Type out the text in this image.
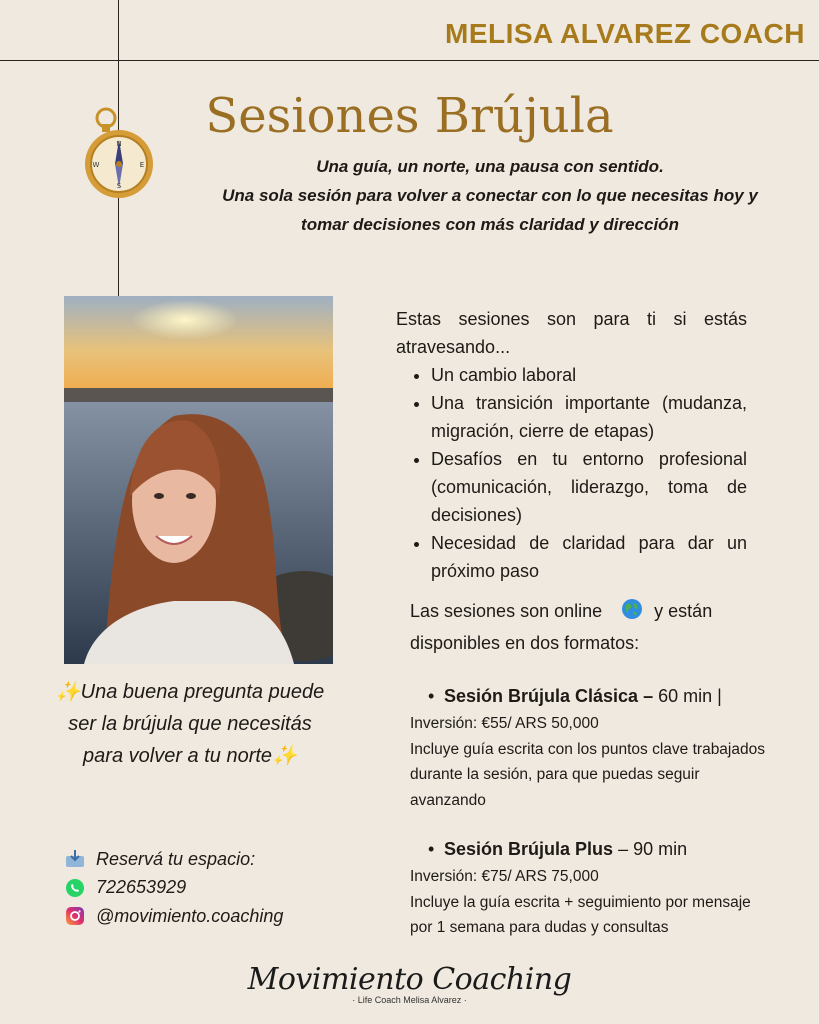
MELISA ALVAREZ COACH
N
S
W	E
Sesiones Brújula
Una guía, un norte, una pausa con sentido.
Una sola sesión para volver a conectar con lo que necesitas hoy y
tomar decisiones con más claridad y dirección
✨Una buena pregunta puede
ser la brújula que necesitás
para volver a tu norte✨
Reservá tu espacio:
722653929
@movimiento.coaching

Estas sesiones son para ti si estás atravesando...

• Un cambio laboral
• Una transición importante (mudanza, migración, cierre de etapas)
• Desafíos en tu entorno profesional (comunicación, liderazgo, toma de decisiones)
• Necesidad de claridad para dar un próximo paso
Las sesiones son online	y están
disponibles en dos formatos:
• Sesión Brújula Clásica – 60 min |
Inversión: €55/ ARS 50,000
Incluye guía escrita con los puntos clave trabajados durante la sesión, para que puedas seguir avanzando
• Sesión Brújula Plus – 90 min
Inversión: €75/ ARS 75,000
Incluye la guía escrita + seguimiento por mensaje por 1 semana para dudas y consultas
Movimiento Coaching
· Life Coach Melisa Alvarez ·
